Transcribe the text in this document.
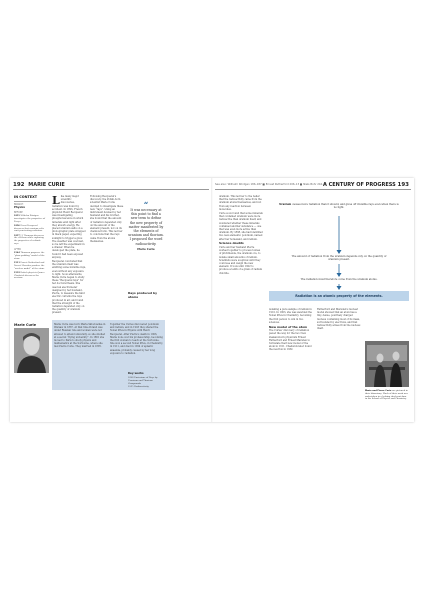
192 MARIE CURIE	See also: Wilhelm Röntgen 186–187 ■ Ernest Rutherford 206–13 ■ Niels Bohr 216–21
A CENTURY OF PROGRESS 193
IN CONTEXT
BRANCH
Physics
BEFORE
1895 Wilhelm Röntgen investigates the properties of X-rays.
1896 Henri Becquerel discovers that uranium salts emit penetrating radiation.
1897 J.J. Thomson discovers the electron while exploring the properties of cathode rays.
AFTER
1904 Thomson proposes the “plum pudding” model of the atom.
1911 Ernest Rutherford and Ernest Marsden produce the “nuclear model” of the atom.
1932 British physicist James Chadwick discovers the neutron.
L ike many major scientific discoveries, radiation was found by accident. In 1896, French physicist Henri Becquerel was investigating phosphorescence in which minerals emit light after they absorb energy. He placed uranium salts on a photographic plate wrapped in black paper, expecting sunlight to trigger a glow. The weather was overcast, so he left the experiment in a drawer. When he developed the plate, he found it had been exposed anyway.

Becquerel concluded that the uranium itself was emitting some invisible rays, even without any exposure to light. Soon afterwards, Marie Curie began to study these “Becquerel rays” for her doctoral thesis. She used an electrometer designed by her husband, Pierre, to measure the faint electric currents the rays produced in air, and found that the strength of the radiation depended only on the quantity of uranium present.

Following Becquerel’s discovery, the Polish-born scientist Marie Curie decided to investigate these new “rays”. Using an instrument devised by her husband and his brother, she found that the amount of radiation depended only on the amount of the element present, not on its chemical form. This led her to conclude that the rays came from the atoms themselves.

“
It was necessary at this point to find a new term to define the new property of matter manifested by the elements of uranium and thorium. I proposed the word radioactivity.
Marie Curie
Rays produced by atoms
Marie Curie	Marie Curie was born Maria Skłodowska in Warsaw in 1867. At that time Poland was under Russian rule and women were not allowed to attend university, so she studied at a secret “flying university”. In 1891 she moved to Paris to study physics and mathematics at the Sorbonne, where she met Pierre Curie. They married in 1895.

Together the Curies discovered polonium and radium, and in 1903 they shared the Nobel Prize in Physics with Henri Becquerel. After Pierre’s death in 1906, Marie took over his professorship, becoming the first woman to teach at the Sorbonne. She won a second Nobel Prize, in Chemistry, in 1911, and died in 1934 of aplastic anaemia, probably caused by her long exposure to radiation.

Key works
1898 Emissions of Rays by Uranium and Thorium Compounds
1935 Radioactivity

uranium. This led her to the belief that the radioactivity came from the uranium atoms themselves, and not from any reaction between molecules.

Curie soon found that some minerals that contained uranium were more radioactive than uranium itself, and wondered whether these minerals contained another substance — one that was even more active than uranium. By 1898, she had identified two new elements: polonium, named after her homeland, and radium.

Science doubts

Curie and her husband Pierre worked together to process tonnes of pitchblende, the uranium ore, to isolate small amounts of radium. Scientists were sceptical until they could see and weigh the new element. It took until 1902 to produce a tenth of a gram of radium chloride.

Uranium causes more radiation than it should, and gives off invisible rays even when there is no light.
The amount of radiation from the uranium depends only on the quantity of uranium present.
The radiation must therefore come from the uranium atoms.
Radiation is an atomic property of the elements.

isolating a pure sample of radium in 1910. In 1903, she was awarded the Nobel Prize in Chemistry, becoming the first person to win in two sciences.

New model of the atom

The Curies’ discovery of radiation paved the way for the two New Zealand-born physicists Ernest Rutherford and Ernest Marsden to formulate their new model of the atom in 1911. Chadwick later found the neutron in 1932.

Rutherford and Marsden’s nuclear model showed that an atom has a tiny, dense, positively charged nucleus containing most of its mass, surrounded by electrons, and that radioactivity arises from the nucleus itself.

Marie and Pierre Curie are pictured in their laboratory. Much of their work was undertaken in a leaking shed next door to the School of Physics and Chemistry.
